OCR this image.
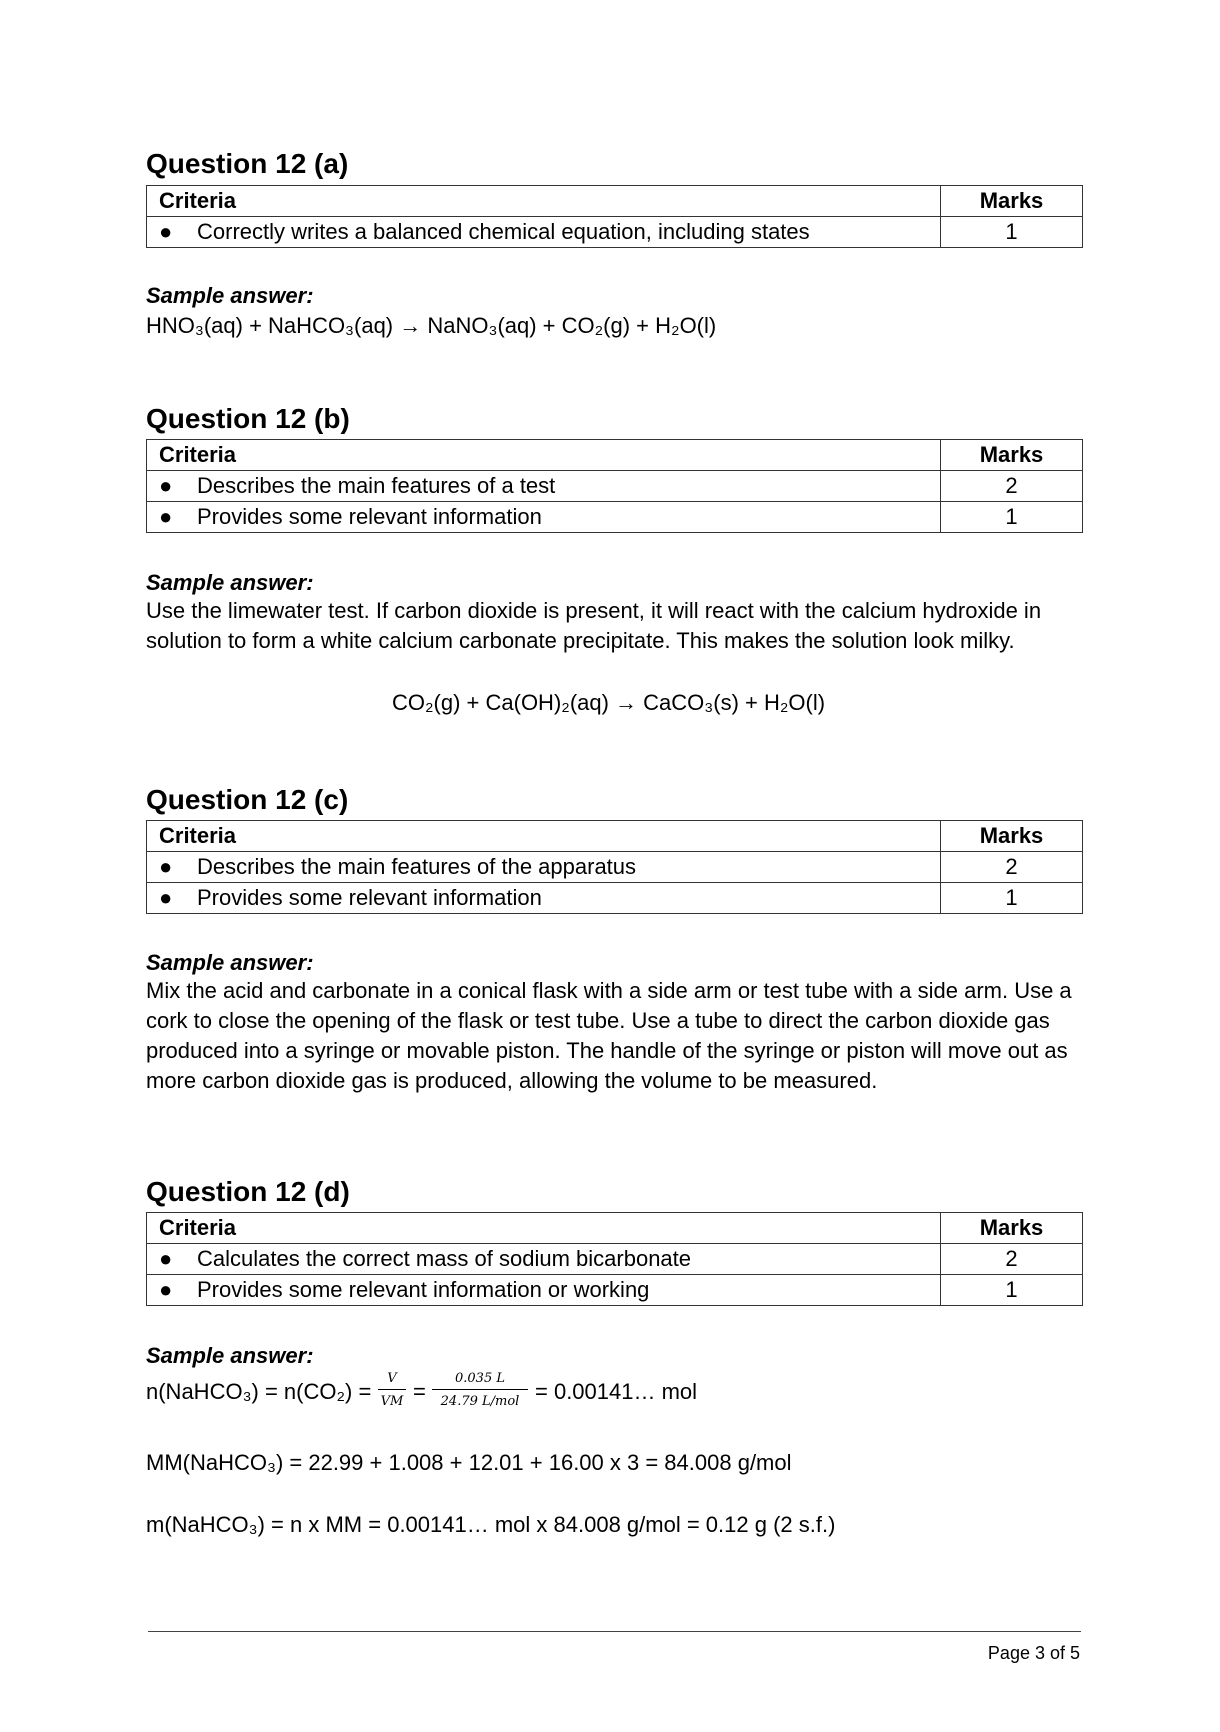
Question 12 (a)
Criteria	Marks
● Correctly writes a balanced chemical equation, including states	1
Sample answer:
HNO₃(aq) + NaHCO₃(aq) → NaNO₃(aq) + CO₂(g) + H₂O(l)
Question 12 (b)
Criteria	Marks
● Describes the main features of a test	2
● Provides some relevant information	1
Sample answer:
Use the limewater test. If carbon dioxide is present, it will react with the calcium hydroxide in solution to form a white calcium carbonate precipitate. This makes the solution look milky.
CO₂(g) + Ca(OH)₂(aq) → CaCO₃(s) + H₂O(l)
Question 12 (c)
Criteria	Marks
● Describes the main features of the apparatus	2
● Provides some relevant information	1
Sample answer:
Mix the acid and carbonate in a conical flask with a side arm or test tube with a side arm. Use a cork to close the opening of the flask or test tube. Use a tube to direct the carbon dioxide gas produced into a syringe or movable piston. The handle of the syringe or piston will move out as more carbon dioxide gas is produced, allowing the volume to be measured.
Question 12 (d)
Criteria	Marks
● Calculates the correct mass of sodium bicarbonate	2
● Provides some relevant information or working	1
Sample answer:
n(NaHCO₃) = n(CO₂) =
V
VM =
0.035 L
24.79 L/mol = 0.00141… mol
MM(NaHCO₃) = 22.99 + 1.008 + 12.01 + 16.00 x 3 = 84.008 g/mol
m(NaHCO₃) = n x MM = 0.00141… mol x 84.008 g/mol = 0.12 g (2 s.f.)
Page 3 of 5
